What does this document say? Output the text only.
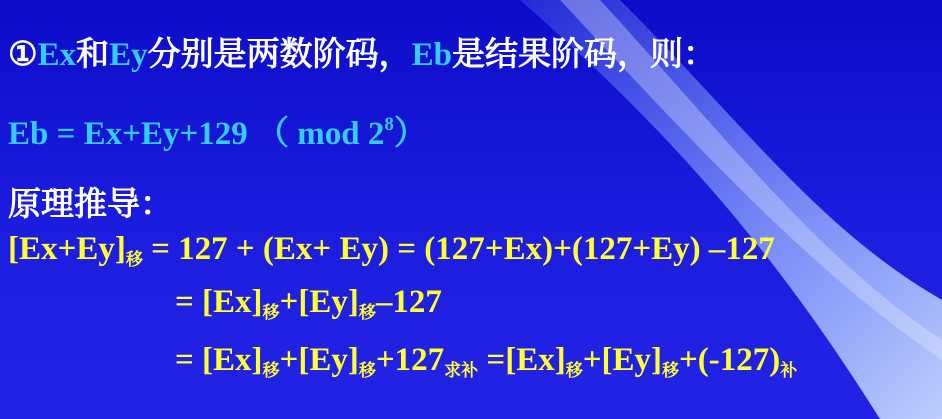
①Ex和Ey分别是两数阶码，Eb是结果阶码，则：
Eb = Ex+Ey+129 （ mod $2^8$）
原理推导：
$[Ex+Ey]_移 = 127 + (Ex+ Ey) = (127+Ex)+(127+Ey)$ –127
= $[Ex]_移+[Ey]_移-127$
= $[Ex]_移+[Ey]_移+127_{求补} =[Ex]_移+[Ey]_移+(-127)_补$
